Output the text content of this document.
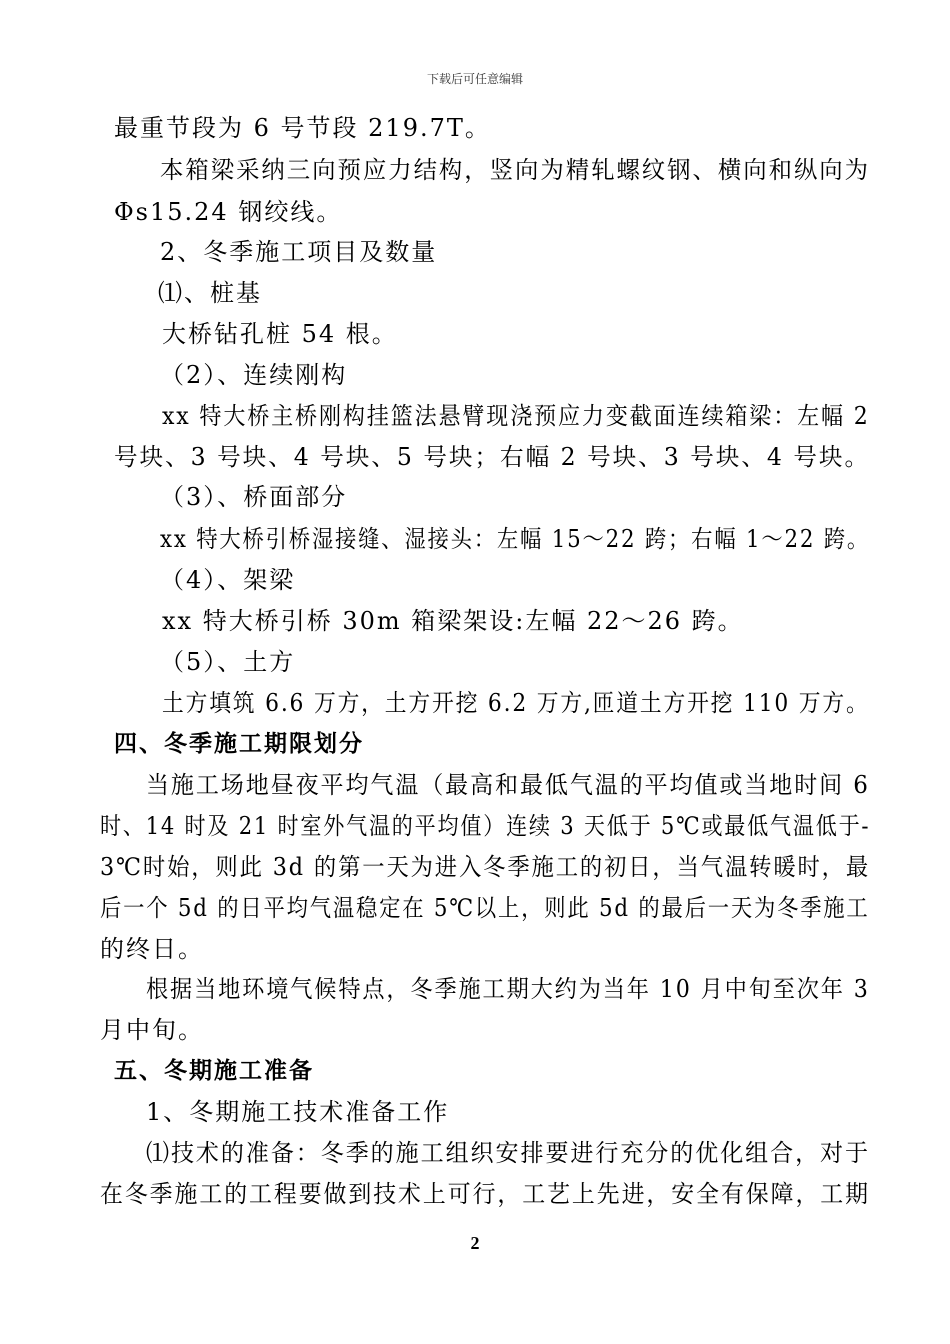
下载后可任意编辑
最重节段为 6 号节段 219.7T。
本箱梁采纳三向预应力结构，竖向为精轧螺纹钢、横向和纵向为
Φs15.24 钢绞线。
2、冬季施工项目及数量
⑴、桩基
大桥钻孔桩 54 根。
（2）、连续刚构
xx 特大桥主桥刚构挂篮法悬臂现浇预应力变截面连续箱梁：左幅 2
号块、3 号块、4 号块、5 号块；右幅 2 号块、3 号块、4 号块。
（3）、桥面部分
xx 特大桥引桥湿接缝、湿接头：左幅 15～22 跨；右幅 1～22 跨。
（4）、架梁
xx 特大桥引桥 30m 箱梁架设:左幅 22～26 跨。
（5）、土方
土方填筑 6.6 万方，土方开挖 6.2 万方,匝道土方开挖 110 万方。
四、冬季施工期限划分
当施工场地昼夜平均气温（最高和最低气温的平均值或当地时间 6
时、14 时及 21 时室外气温的平均值）连续 3 天低于 5℃或最低气温低于-
3℃时始，则此 3d 的第一天为进入冬季施工的初日，当气温转暖时，最
后一个 5d 的日平均气温稳定在 5℃以上，则此 5d 的最后一天为冬季施工
的终日。
根据当地环境气候特点，冬季施工期大约为当年 10 月中旬至次年 3
月中旬。
五、冬期施工准备
1、冬期施工技术准备工作
⑴技术的准备：冬季的施工组织安排要进行充分的优化组合，对于
在冬季施工的工程要做到技术上可行，工艺上先进，安全有保障，工期
2
